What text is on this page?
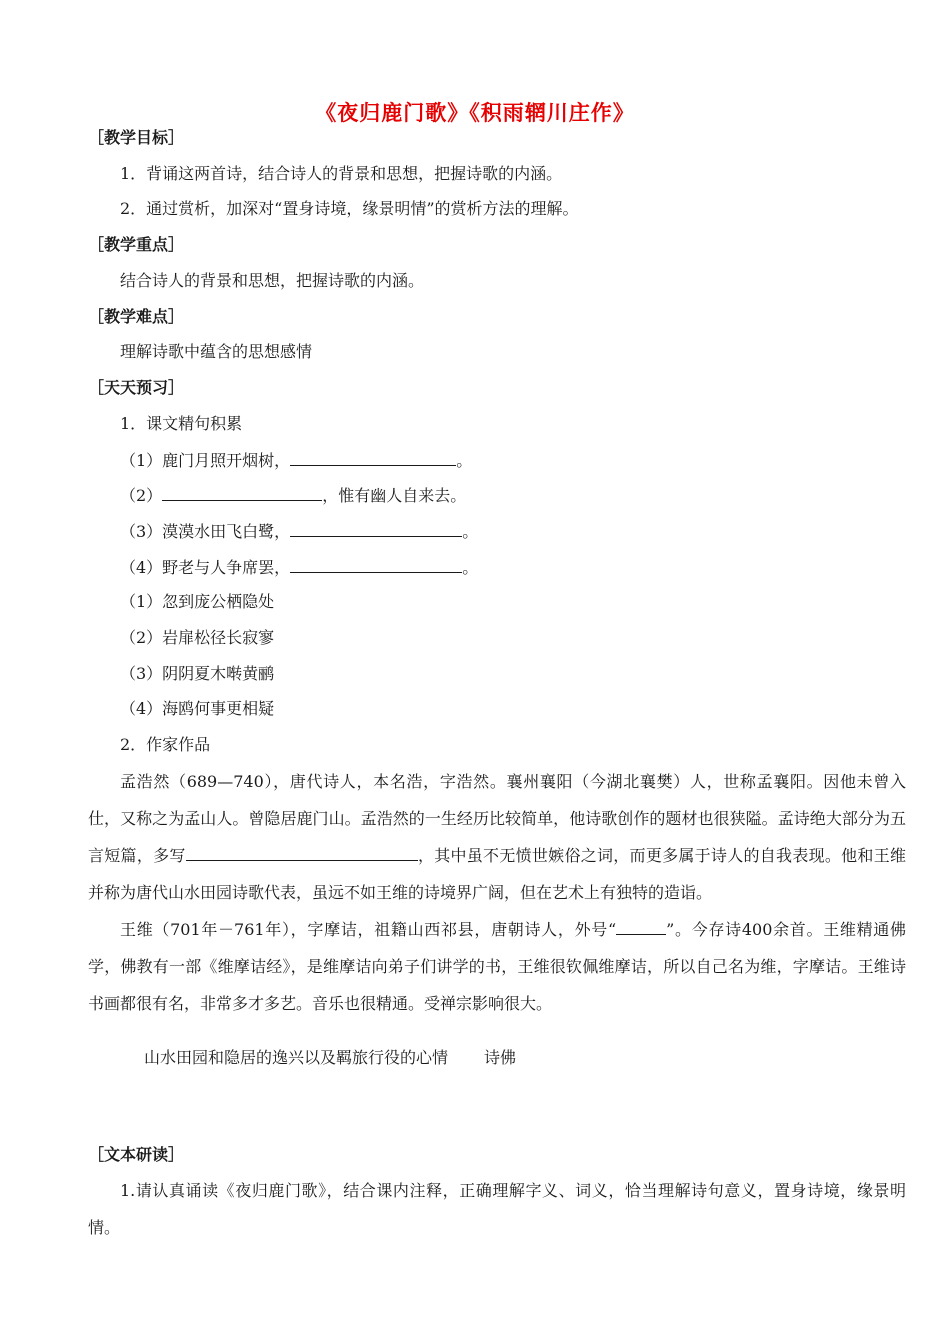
《夜归鹿门歌》《积雨辋川庄作》
［教学目标］
1．背诵这两首诗，结合诗人的背景和思想，把握诗歌的内涵。
2．通过赏析，加深对“置身诗境，缘景明情”的赏析方法的理解。
［教学重点］
结合诗人的背景和思想，把握诗歌的内涵。
［教学难点］
理解诗歌中蕴含的思想感情
［天天预习］
1．课文精句积累
（1）鹿门月照开烟树，	。
（2）	，惟有幽人自来去。
（3）漠漠水田飞白鹭，	。
（4）野老与人争席罢，	。
（1）忽到庞公栖隐处
（2）岩扉松径长寂寥
（3）阴阴夏木啭黄鹂
（4）海鸥何事更相疑
2．作家作品
孟浩然（689—740），唐代诗人，本名浩，字浩然。襄州襄阳（今湖北襄樊）人，世称孟襄阳。因他未曾入仕，又称之为孟山人。曾隐居鹿门山。孟浩然的一生经历比较简单，他诗歌创作的题材也很狭隘。孟诗绝大部分为五言短篇，多写	，其中虽不无愤世嫉俗之词，而更多属于诗人的自我表现。他和王维并称为唐代山水田园诗歌代表，虽远不如王维的诗境界广阔，但在艺术上有独特的造诣。
王维（701年－761年），字摩诘，祖籍山西祁县，唐朝诗人，外号“	”。今存诗400余首。王维精通佛学，佛教有一部《维摩诘经》，是维摩诘向弟子们讲学的书，王维很钦佩维摩诘，所以自己名为维，字摩诘。王维诗书画都很有名，非常多才多艺。音乐也很精通。受禅宗影响很大。
山水田园和隐居的逸兴以及羁旅行役的心情 诗佛
［文本研读］
1.请认真诵读《夜归鹿门歌》，结合课内注释，正确理解字义、词义，恰当理解诗句意义，置身诗境，缘景明情。
